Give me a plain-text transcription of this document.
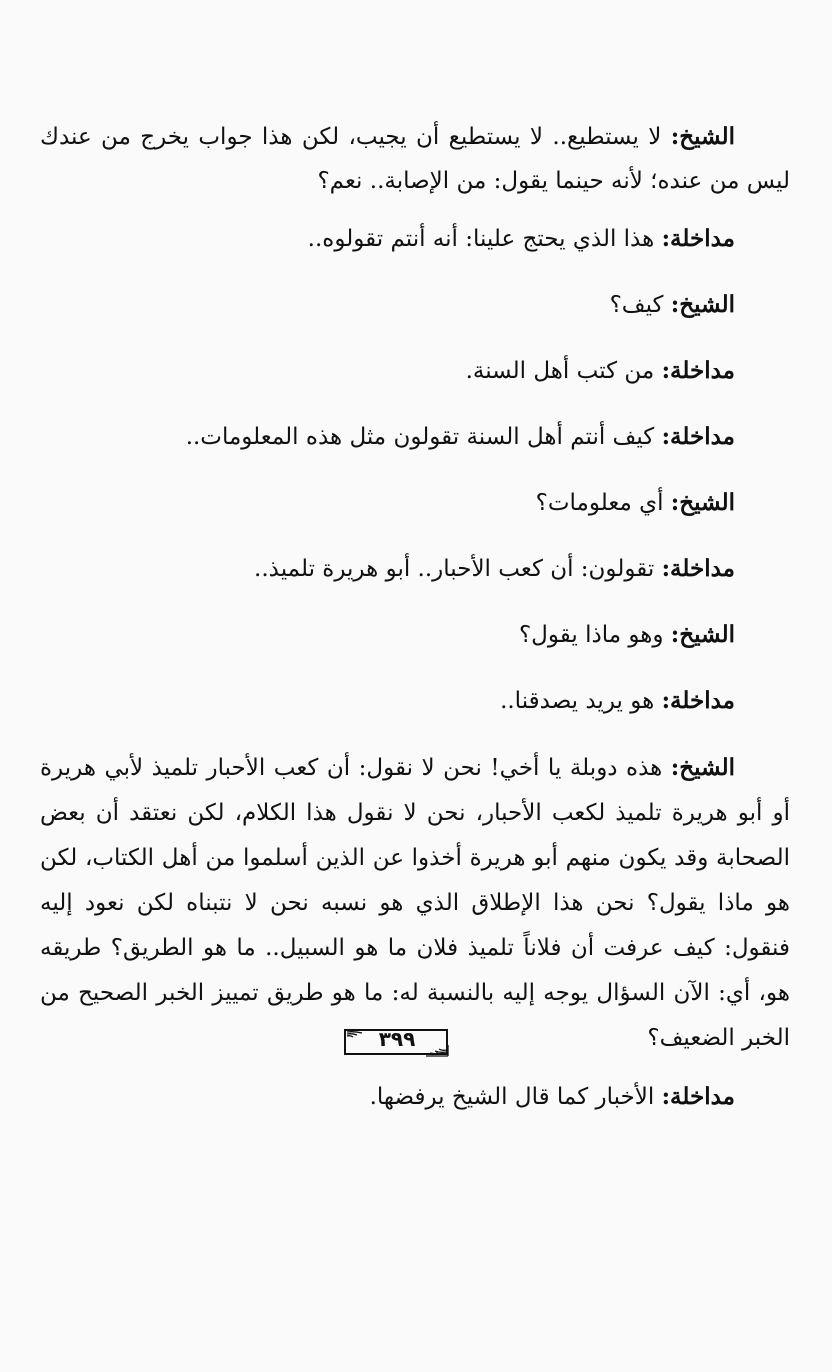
الشيخ: لا يستطيع.. لا يستطيع أن يجيب، لكن هذا جواب يخرج من عندك ليس من عنده؛ لأنه حينما يقول: من الإصابة.. نعم؟

مداخلة: هذا الذي يحتج علينا: أنه أنتم تقولوه..

الشيخ: كيف؟

مداخلة: من كتب أهل السنة.

مداخلة: كيف أنتم أهل السنة تقولون مثل هذه المعلومات..

الشيخ: أي معلومات؟

مداخلة: تقولون: أن كعب الأحبار.. أبو هريرة تلميذ..

الشيخ: وهو ماذا يقول؟

مداخلة: هو يريد يصدقنا..

الشيخ: هذه دوبلة يا أخي! نحن لا نقول: أن كعب الأحبار تلميذ لأبي هريرة أو أبو هريرة تلميذ لكعب الأحبار، نحن لا نقول هذا الكلام، لكن نعتقد أن بعض الصحابة وقد يكون منهم أبو هريرة أخذوا عن الذين أسلموا من أهل الكتاب، لكن هو ماذا يقول؟ نحن هذا الإطلاق الذي هو نسبه نحن لا نتبناه لكن نعود إليه فنقول: كيف عرفت أن فلاناً تلميذ فلان ما هو السبيل.. ما هو الطريق؟ طريقه هو، أي: الآن السؤال يوجه إليه بالنسبة له: ما هو طريق تمييز الخبر الصحيح من الخبر الضعيف؟

مداخلة: الأخبار كما قال الشيخ يرفضها.

٣٩٩
